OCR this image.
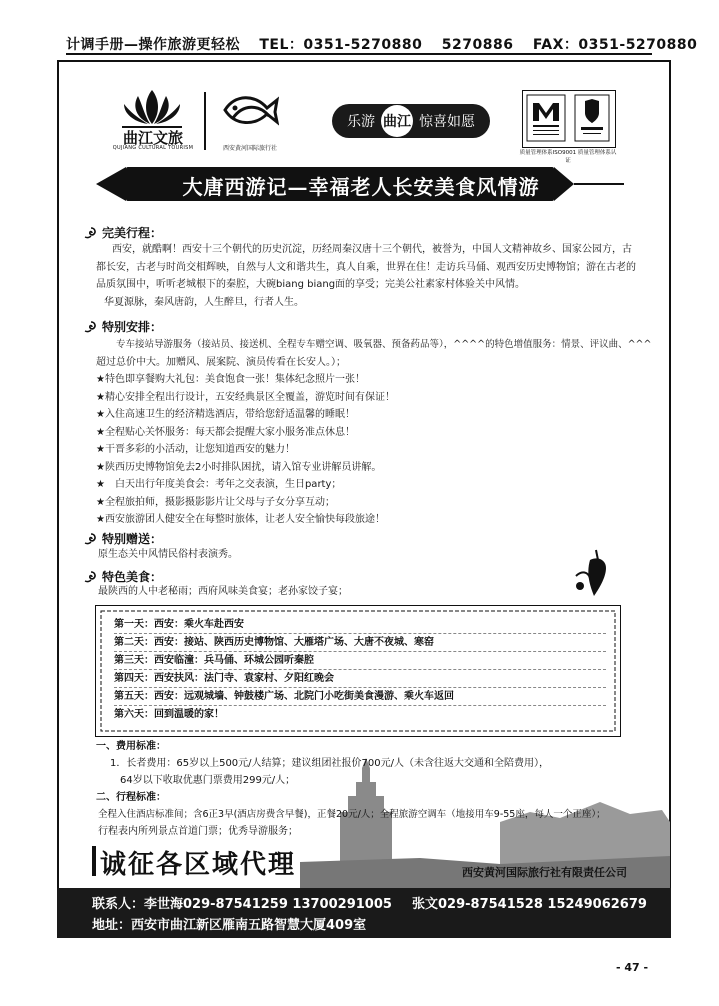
计调手册—操作旅游更轻松 TEL：0351-5270880 5270886 FAX：0351-5270880
曲江文旅
QUJIANG CULTURAL TOURISM	西安黄河国际旅行社
乐游 曲江 惊喜如愿
质量管理体系ISO9001 质量管理体系认证
大唐西游记—幸福老人长安美食风情游
完美行程：
西安，就酷啊！西安十三个朝代的历史沉淀，历经周秦汉唐十三个朝代，被誉为，中国人文精神故乡、国家公园方，古
都长安，古老与时尚交相辉映，自然与人文和谐共生，真人自乘，世界在住！走访兵马俑、观西安历史博物馆；游在古老的
品质氛围中，听听老城根下的秦腔，大碗biang biang面的享受；完美公社素家村体验关中风情。
华夏源脉，秦风唐韵，人生醉旦，行者人生。
特别安排：
专车接站导游服务（接站员、接送机、全程专车赠空调、吸氧器、预备药品等），^^^^的特色增值服务：情景、评议曲、^^^
超过总价中大。加赠风、展案院、演员传看在长安人。）；
★特色即享餐购大礼包：美食饱食一张！集体纪念照片一张！
★精心安排全程出行设计，五安经典景区全覆盖，游览时间有保证！
★入住高速卫生的经济精选酒店，带给您舒适温馨的睡眠！
★全程贴心关怀服务：每天都会提醒大家小服务准点休息！
★干晋多彩的小活动，让您知道西安的魅力！
★陕西历史博物馆免去2小时排队困扰，请入馆专业讲解员讲解。
★　白天出行年度美食会：考年之交表演，生日party；
★全程旅拍师，摄影摄影影片让父母与子女分享互动；
★西安旅游团人健安全在每整时旅体，让老人安全愉快每段旅途！
特别赠送：
原生态关中风情民俗村表演秀。
特色美食：
最陕西的人中老秘雨；西府风味美食宴；老孙家饺子宴；
第一天：西安：乘火车赴西安
第二天：西安：接站、陕西历史博物馆、大雁塔广场、大唐不夜城、寒窑
第三天：西安临潼：兵马俑、环城公园听秦腔
第四天：西安扶风：法门寺、袁家村、夕阳红晚会
第五天：西安：远观城墙、钟鼓楼广场、北院门小吃街美食漫游、乘火车返回
第六天：回到温暖的家！
一、费用标准：
1．长者费用：65岁以上500元/人结算；建议组团社报价700元/人（未含往返大交通和全陪费用），
64岁以下收取优惠门票费用299元/人；
二、行程标准：
全程入住酒店标准间；含6正3早(酒店房费含早餐)，正餐20元/人；全程旅游空调车（地接用车9-55座，每人一个正座）；
行程表内所列景点首道门票；优秀导游服务；
诚征各区域代理	西安黄河国际旅行社有限责任公司
联系人：李世海029-87541259 13700291005 张文029-87541528 15249062679
地址：西安市曲江新区雁南五路智慧大厦409室
- 47 -
